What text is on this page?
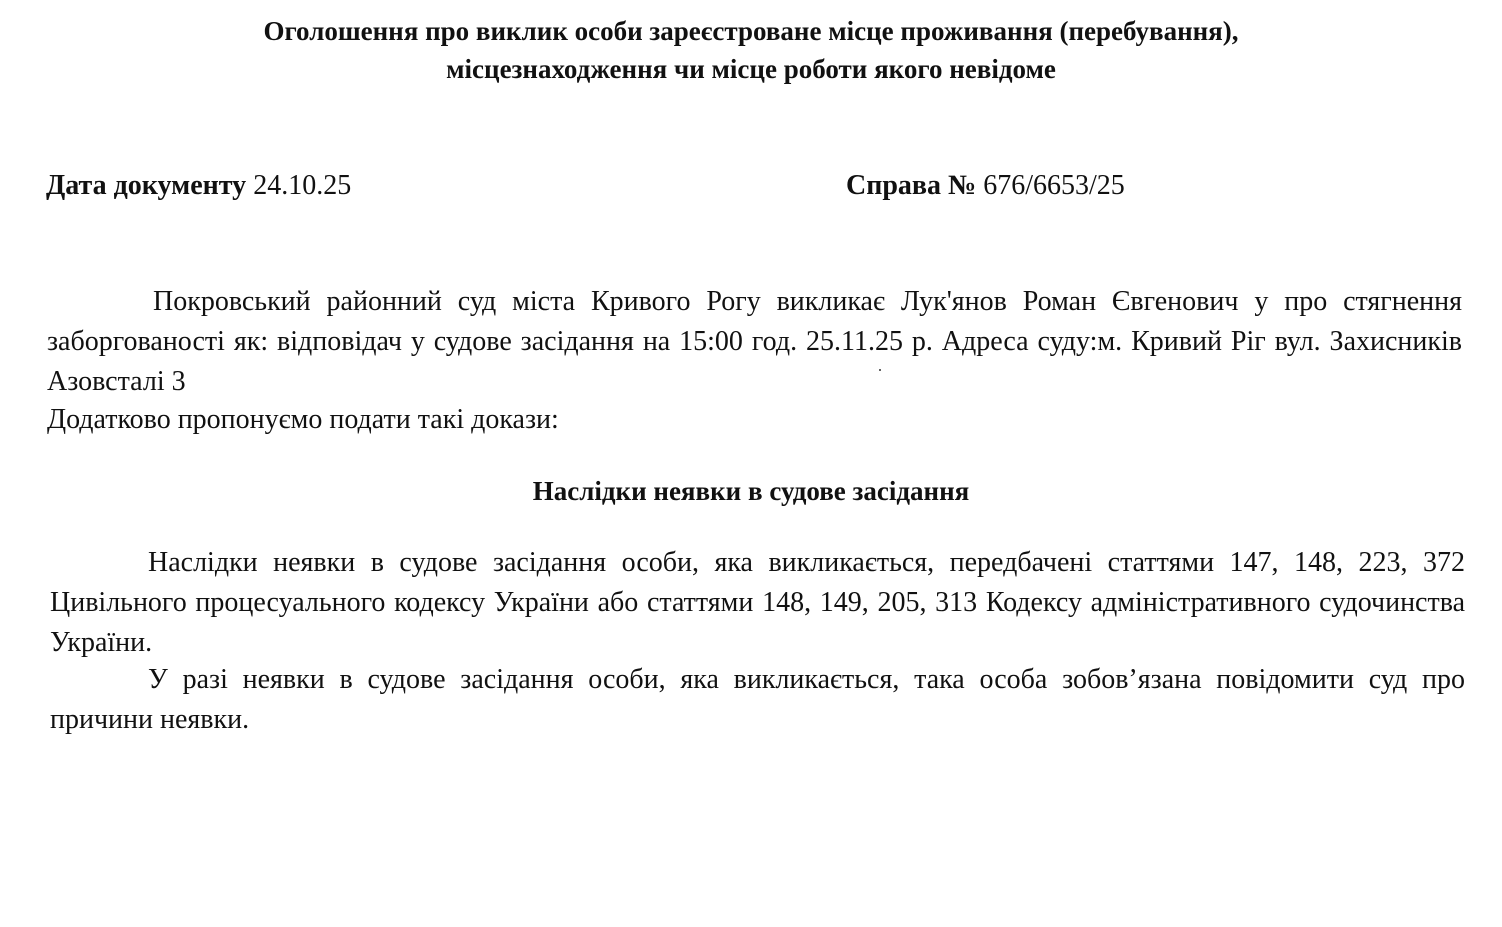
Оголошення про виклик особи зареєстроване місце проживання (перебування),
місцезнаходження чи місце роботи якого невідоме
Дата документу 24.10.25	Справа № 676/6653/25
Покровський районний суд міста Кривого Рогу викликає Лук'янов Роман Євгенович у про стягнення заборгованості як: відповідач у судове засідання на 15:00 год. 25.11.25 р. Адреса суду:м. Кривий Ріг вул. Захисників Азовсталі 3
Додатково пропонуємо подати такі докази:
Наслідки неявки в судове засідання
Наслідки неявки в судове засідання особи, яка викликається, передбачені статтями 147, 148, 223, 372 Цивільного процесуального кодексу України або статтями 148, 149, 205, 313 Кодексу адміністративного судочинства України.
У разі неявки в судове засідання особи, яка викликається, така особа зобов’язана повідомити суд про причини неявки.
